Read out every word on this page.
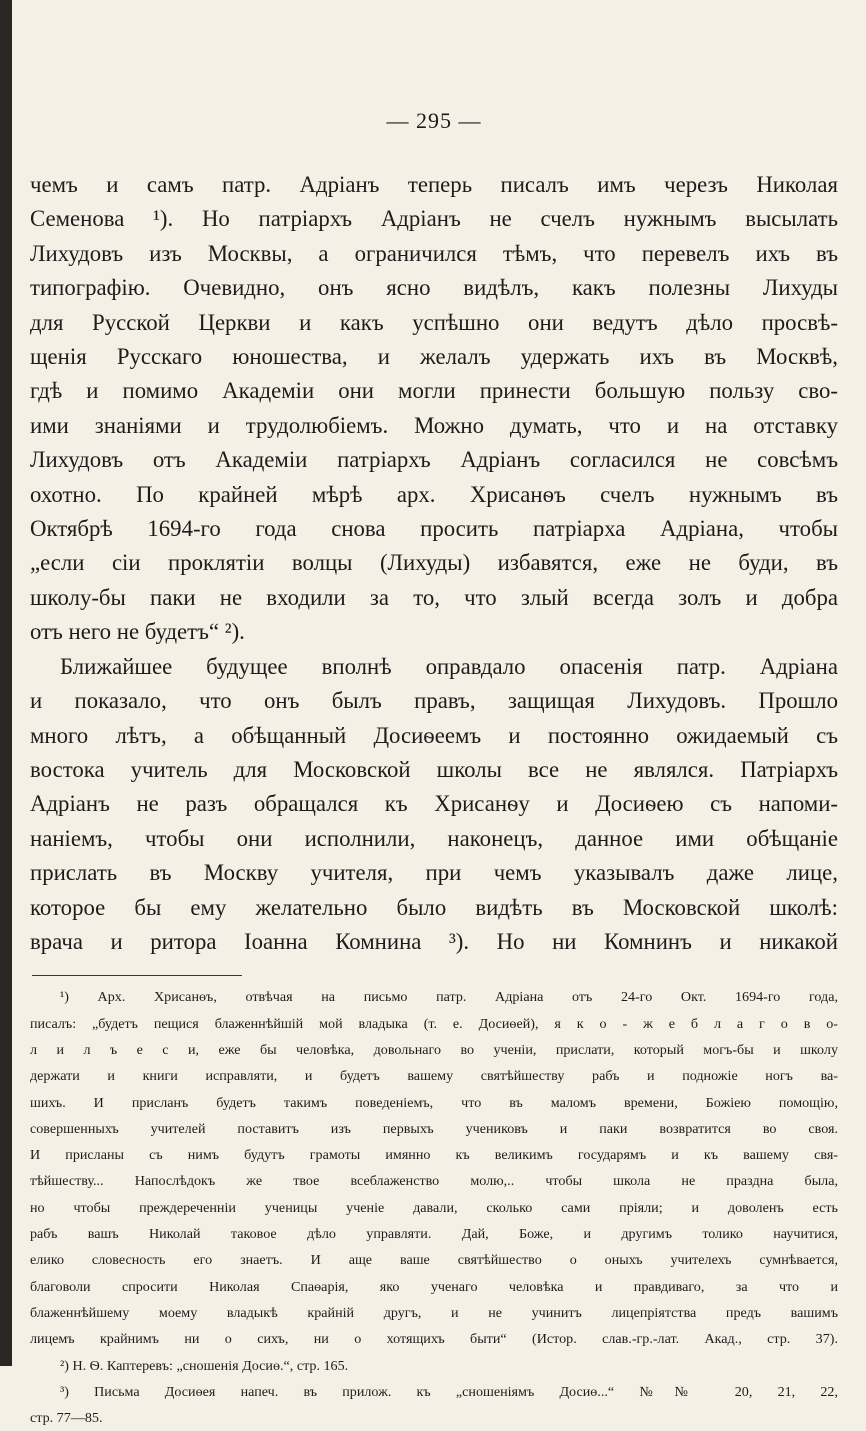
— 295 —
чемъ и самъ патр. Адріанъ теперь писалъ имъ черезъ Николая
Семенова ¹). Но патріархъ Адріанъ не счелъ нужнымъ высылать
Лихудовъ изъ Москвы, а ограничился тѣмъ, что перевелъ ихъ въ
типографію. Очевидно, онъ ясно видѣлъ, какъ полезны Лихуды
для Русской Церкви и какъ успѣшно они ведутъ дѣло просвѣ-
щенія Русскаго юношества, и желалъ удержать ихъ въ Москвѣ,
гдѣ и помимо Академіи они могли принести большую пользу сво-
ими знаніями и трудолюбіемъ. Можно думать, что и на отставку
Лихудовъ отъ Академіи патріархъ Адріанъ согласился не совсѣмъ
охотно. По крайней мѣрѣ арх. Хрисанѳъ счелъ нужнымъ въ
Октябрѣ 1694-го года снова просить патріарха Адріана, чтобы
„если сіи проклятіи волцы (Лихуды) избавятся, еже не буди, въ
школу-бы паки не входили за то, что злый всегда золъ и добра
отъ него не будетъ“ ²).
Ближайшее будущее вполнѣ оправдало опасенія патр. Адріана
и показало, что онъ былъ правъ, защищая Лихудовъ. Прошло
много лѣтъ, а обѣщанный Досиѳеемъ и постоянно ожидаемый съ
востока учитель для Московской школы все не являлся. Патріархъ
Адріанъ не разъ обращался къ Хрисанѳу и Досиѳею съ напоми-
наніемъ, чтобы они исполнили, наконецъ, данное ими обѣщаніе
прислать въ Москву учителя, при чемъ указывалъ даже лице,
которое бы ему желательно было видѣть въ Московской школѣ:
врача и ритора Іоанна Комнина ³). Но ни Комнинъ и никакой
¹) Арх. Хрисанѳъ, отвѣчая на письмо патр. Адріана отъ 24-го Окт. 1694-го года,
писалъ: „будетъ пещися блаженнѣйшій мой владыка (т. е. Досиѳей), я к о - ж е б л а г о в о-
л и л ъ е с и, еже бы человѣка, довольнаго во ученіи, прислати, который могъ-бы и школу
держати и книги исправляти, и будетъ вашему святѣйшеству рабъ и подножіе ногъ ва-
шихъ. И присланъ будетъ такимъ поведеніемъ, что въ маломъ времени, Божіею помощію,
совершенныхъ учителей поставитъ изъ первыхъ учениковъ и паки возвратится во своя.
И присланы съ нимъ будутъ грамоты имянно къ великимъ государямъ и къ вашему свя-
тѣйшеству... Напослѣдокъ же твое всеблаженство молю,.. чтобы школа не праздна была,
но чтобы преждереченніи ученицы ученіе давали, сколько сами пріяли; и доволенъ есть
рабъ вашъ Николай таковое дѣло управляти. Дай, Боже, и другимъ толико научитися,
елико словесность его знаетъ. И аще ваше святѣйшество о оныхъ учителехъ сумнѣвается,
благоволи спросити Николая Спаѳарія, яко ученаго человѣка и правдиваго, за что и
блаженнѣйшему моему владыкѣ крайній другъ, и не учинитъ лицепріятства предъ вашимъ
лицемъ крайнимъ ни о сихъ, ни о хотящихъ быти“ (Истор. слав.-гр.-лат. Акад., стр. 37).
²) Н. Ѳ. Каптеревъ: „сношенія Досиѳ.“, стр. 165.
³) Письма Досиѳея напеч. въ прилож. къ „сношеніямъ Досиѳ...“ №№ 20, 21, 22,
стр. 77—85.
